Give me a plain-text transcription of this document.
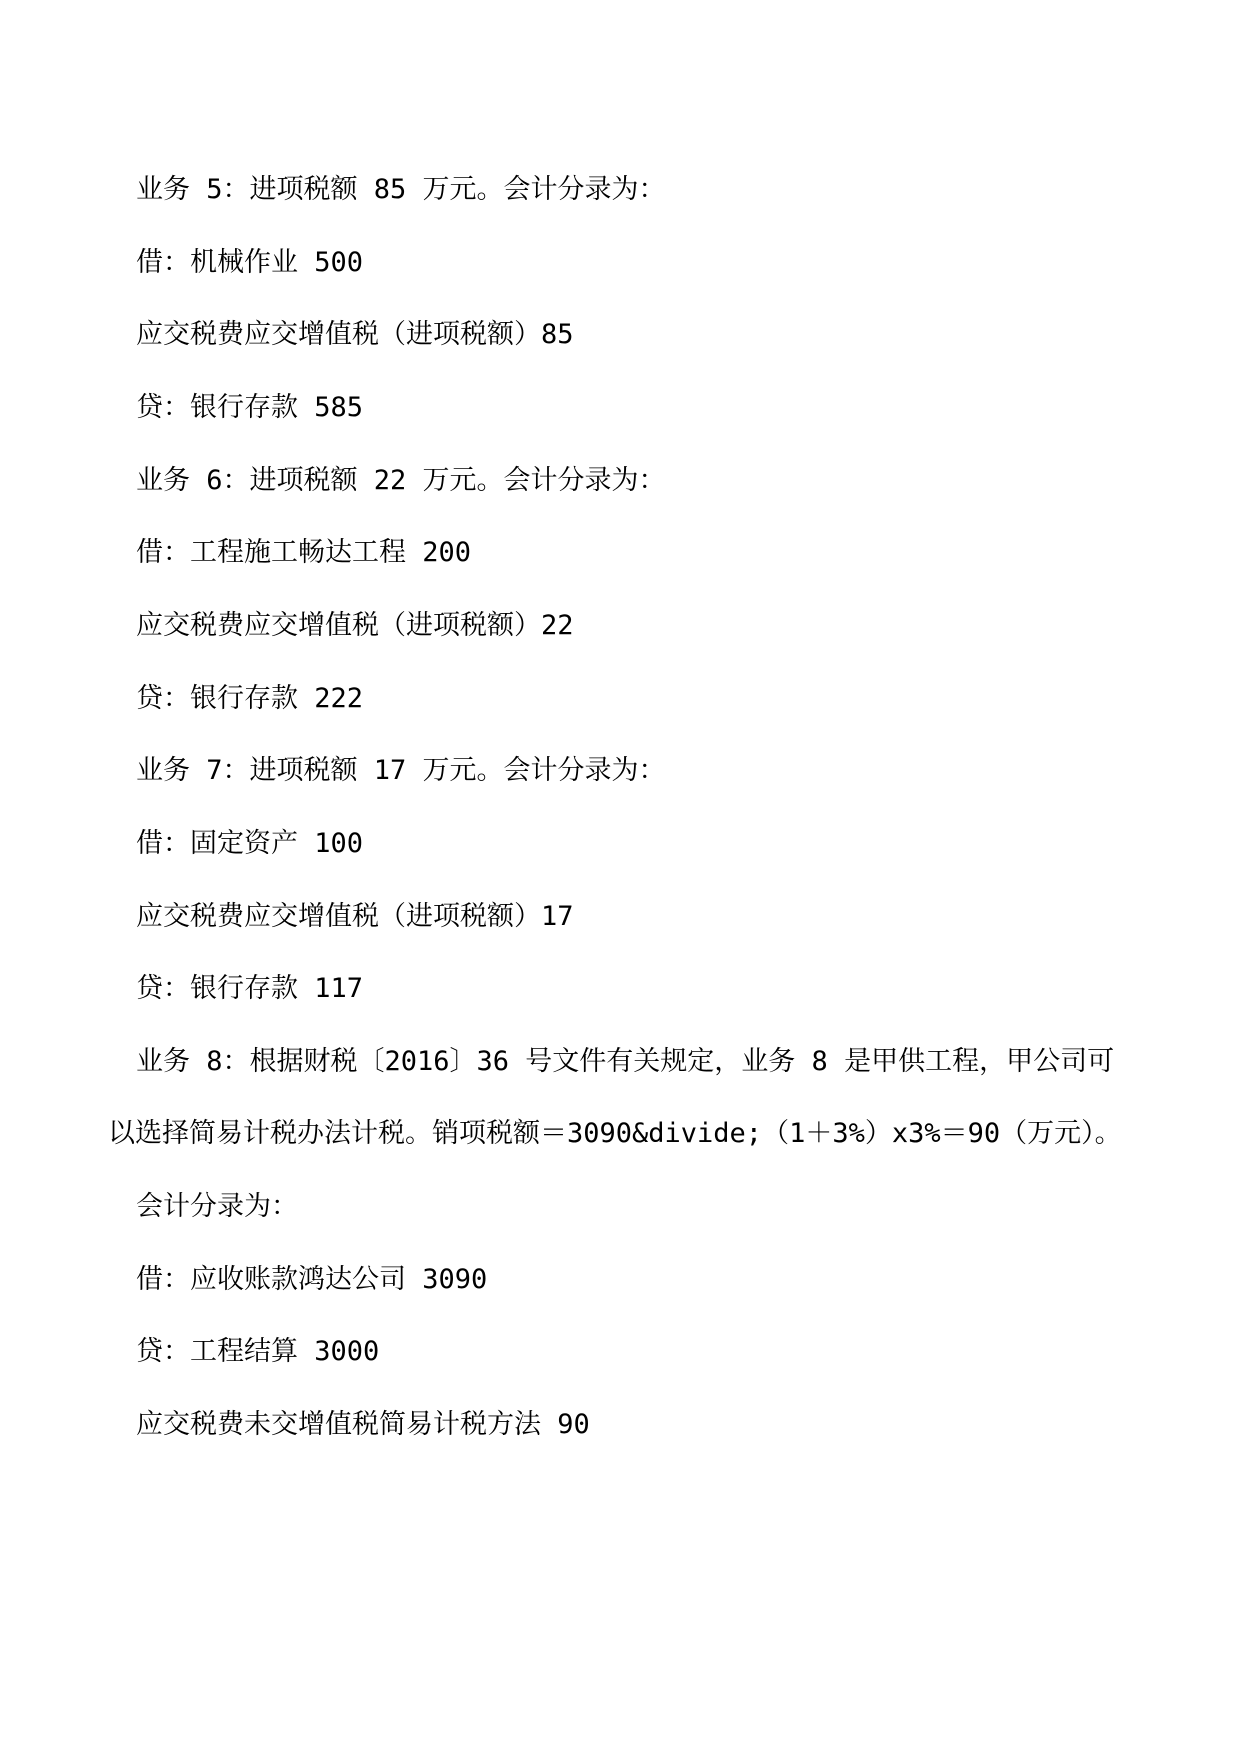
业务 5：进项税额 85 万元。会计分录为：

借：机械作业 500

应交税费应交增值税（进项税额）85

贷：银行存款 585

业务 6：进项税额 22 万元。会计分录为：

借：工程施工畅达工程 200

应交税费应交增值税（进项税额）22

贷：银行存款 222

业务 7：进项税额 17 万元。会计分录为：

借：固定资产 100

应交税费应交增值税（进项税额）17

贷：银行存款 117

业务 8：根据财税〔2016〕36 号文件有关规定，业务 8 是甲供工程，甲公司可

以选择简易计税办法计税。销项税额＝3090&divide;（1＋3%）x3%＝90（万元）。

会计分录为：

借：应收账款鸿达公司 3090

贷：工程结算 3000

应交税费未交增值税简易计税方法 90
